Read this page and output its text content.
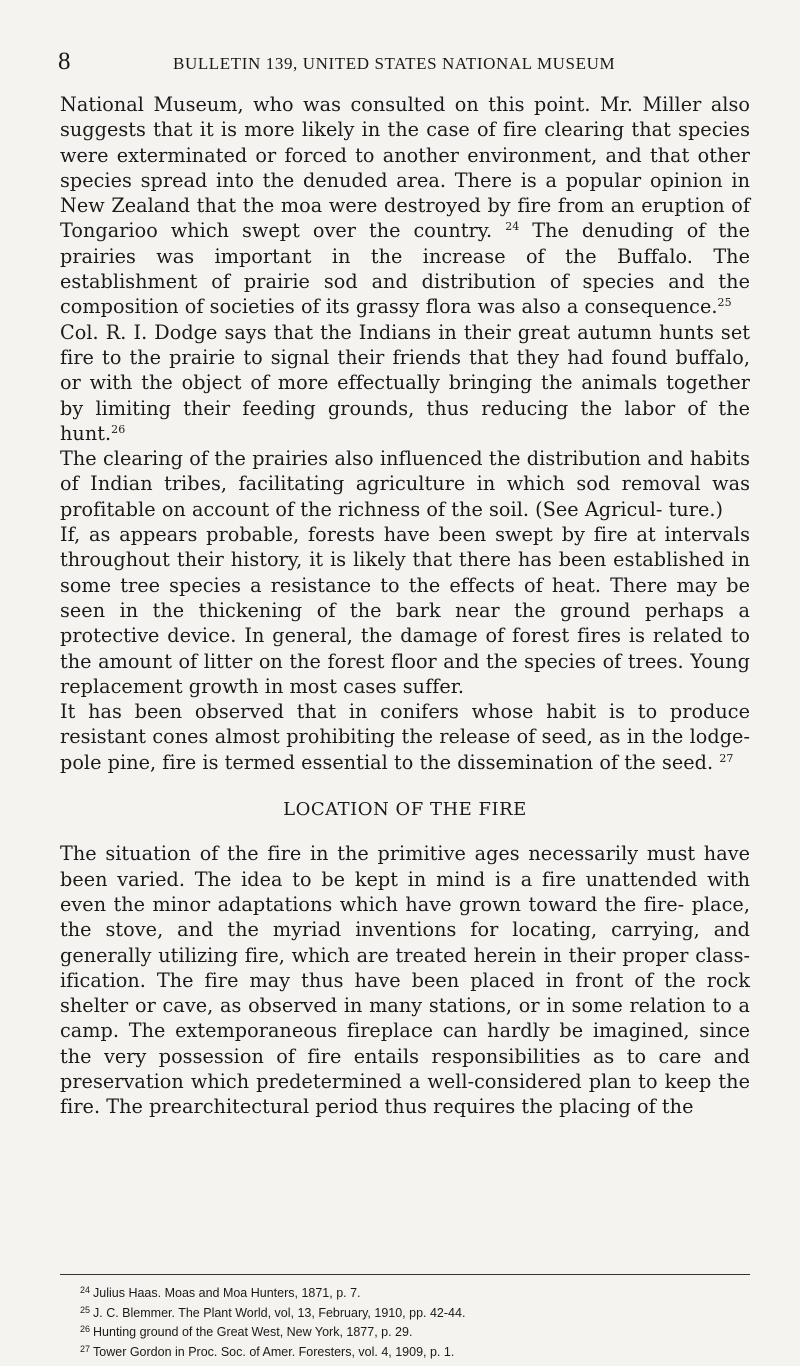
8	BULLETIN 139, UNITED STATES NATIONAL MUSEUM

National Museum, who was consulted on this point. Mr. Miller also suggests that it is more likely in the case of fire clearing that species were exterminated or forced to another environment, and that other species spread into the denuded area. There is a popular opinion in New Zealand that the moa were destroyed by fire from an eruption of Tongarioo which swept over the country. $^{24}$ The denuding of the prairies was important in the increase of the Buffalo. The establishment of prairie sod and distribution of species and the composition of societies of its grassy flora was also a consequence.$^{25}$

Col. R. I. Dodge says that the Indians in their great autumn hunts set fire to the prairie to signal their friends that they had found buffalo, or with the object of more effectually bringing the animals together by limiting their feeding grounds, thus reducing the labor of the hunt.$^{26}$

The clearing of the prairies also influenced the distribution and habits of Indian tribes, facilitating agriculture in which sod removal was profitable on account of the richness of the soil. (See Agricul- ture.)

If, as appears probable, forests have been swept by fire at intervals throughout their history, it is likely that there has been established in some tree species a resistance to the effects of heat. There may be seen in the thickening of the bark near the ground perhaps a protective device. In general, the damage of forest fires is related to the amount of litter on the forest floor and the species of trees. Young replacement growth in most cases suffer.

It has been observed that in conifers whose habit is to produce resistant cones almost prohibiting the release of seed, as in the lodge- pole pine, fire is termed essential to the dissemination of the seed. $^{27}$

LOCATION OF THE FIRE

The situation of the fire in the primitive ages necessarily must have been varied. The idea to be kept in mind is a fire unattended with even the minor adaptations which have grown toward the fire- place, the stove, and the myriad inventions for locating, carrying, and generally utilizing fire, which are treated herein in their proper class- ification. The fire may thus have been placed in front of the rock shelter or cave, as observed in many stations, or in some relation to a camp. The extemporaneous fireplace can hardly be imagined, since the very possession of fire entails responsibilities as to care and preservation which predetermined a well-considered plan to keep the fire. The prearchitectural period thus requires the placing of the

$^{24}$ Julius Haas. Moas and Moa Hunters, 1871, p. 7.

$^{25}$ J. C. Blemmer. The Plant World, vol, 13, February, 1910, pp. 42-44.

$^{26}$ Hunting ground of the Great West, New York, 1877, p. 29.

$^{27}$ Tower Gordon in Proc. Soc. of Amer. Foresters, vol. 4, 1909, p. 1.
